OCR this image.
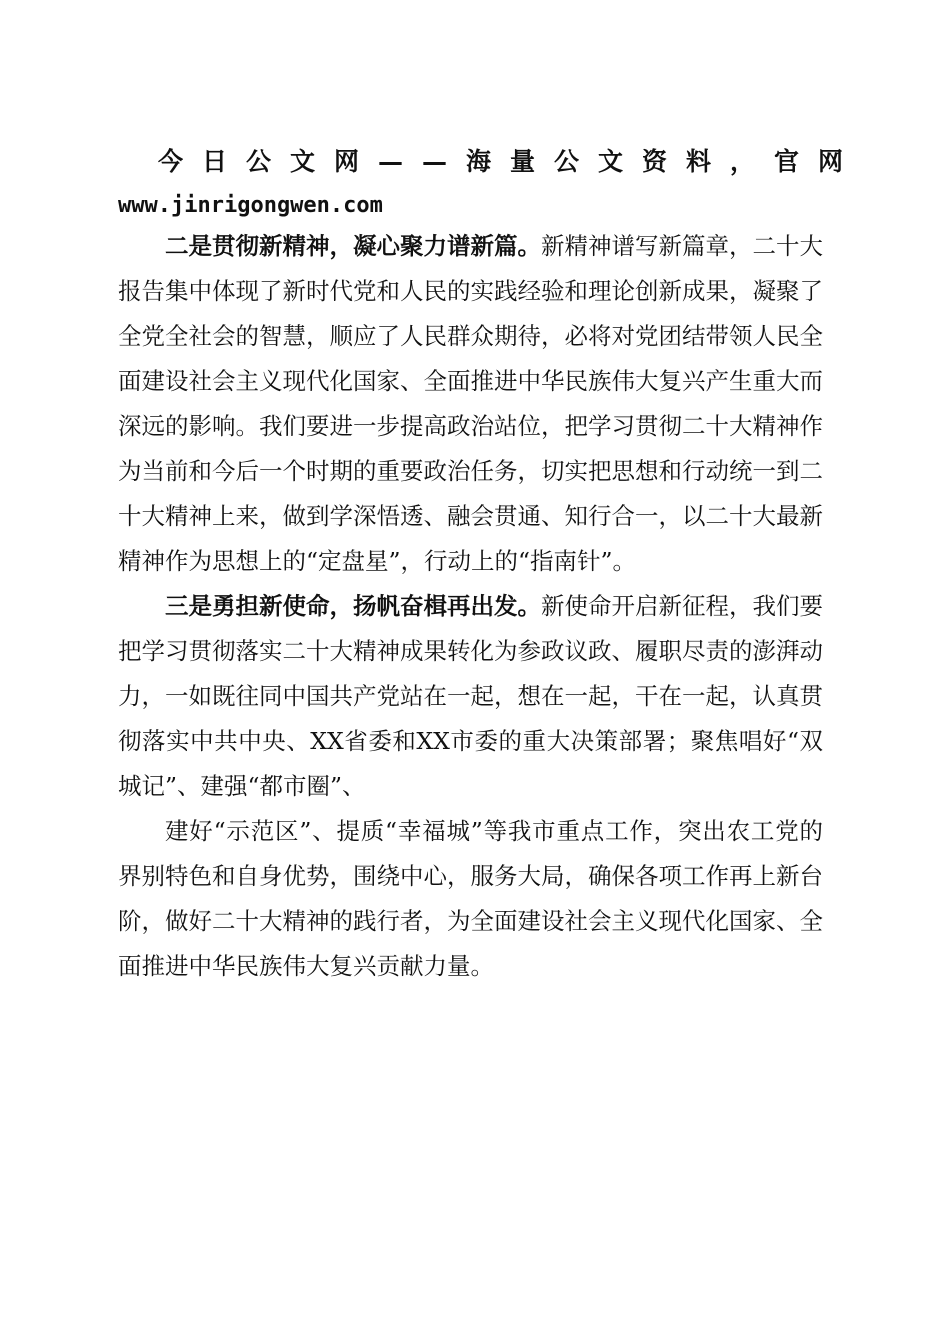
今日公文网——海量公文资料，官网
www.jinrigongwen.com

二是贯彻新精神，凝心聚力谱新篇。新精神谱写新篇章，二十大报告集中体现了新时代党和人民的实践经验和理论创新成果，凝聚了全党全社会的智慧，顺应了人民群众期待，必将对党团结带领人民全面建设社会主义现代化国家、全面推进中华民族伟大复兴产生重大而深远的影响。我们要进一步提高政治站位，把学习贯彻二十大精神作为当前和今后一个时期的重要政治任务，切实把思想和行动统一到二十大精神上来，做到学深悟透、融会贯通、知行合一，以二十大最新精神作为思想上的“定盘星”，行动上的“指南针”。

三是勇担新使命，扬帆奋楫再出发。新使命开启新征程，我们要把学习贯彻落实二十大精神成果转化为参政议政、履职尽责的澎湃动力，一如既往同中国共产党站在一起，想在一起，干在一起，认真贯彻落实中共中央、XX省委和XX市委的重大决策部署；聚焦唱好“双城记”、建强“都市圈”、

建好“示范区”、提质“幸福城”等我市重点工作，突出农工党的界别特色和自身优势，围绕中心，服务大局，确保各项工作再上新台阶，做好二十大精神的践行者，为全面建设社会主义现代化国家、全面推进中华民族伟大复兴贡献力量。
